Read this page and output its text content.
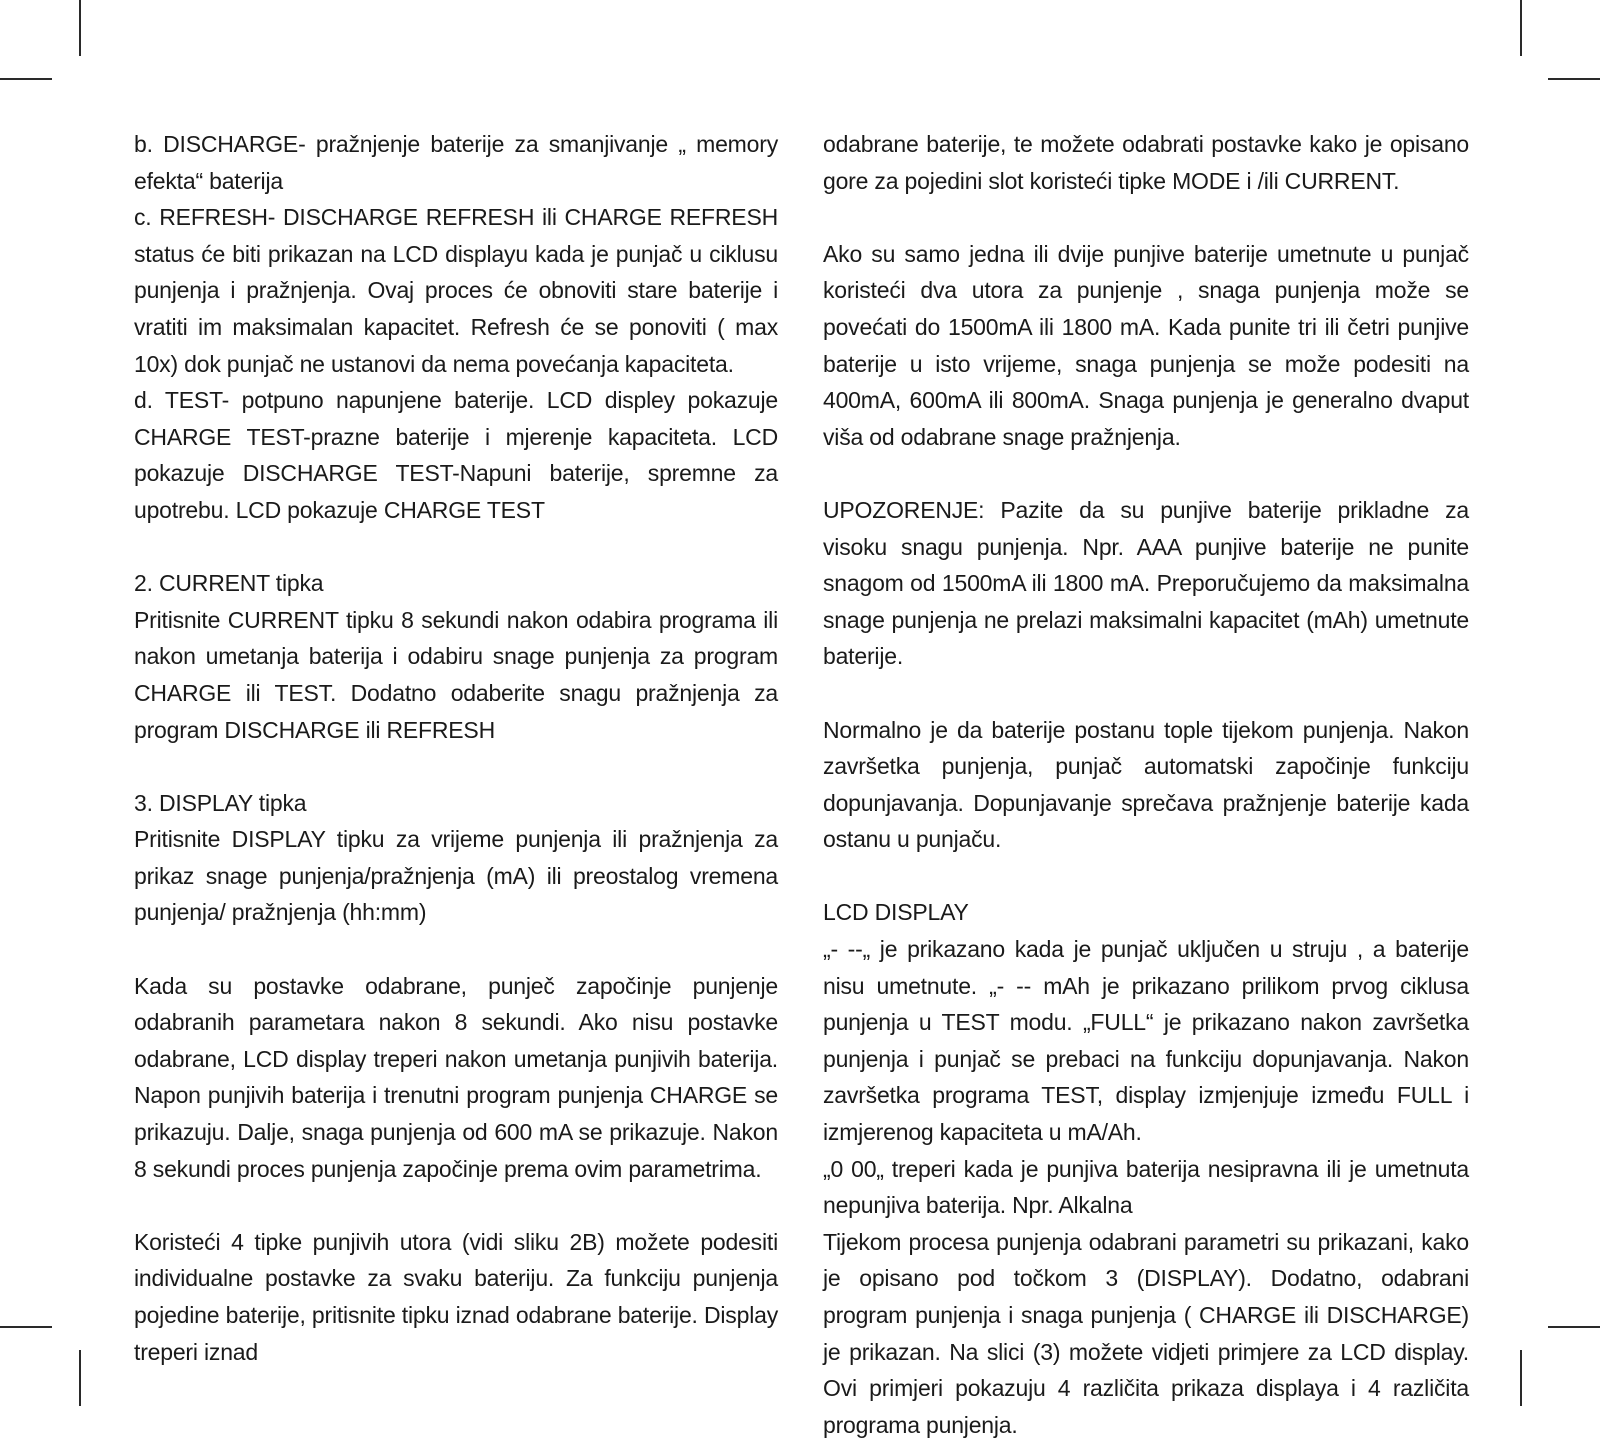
b. DISCHARGE- pražnjenje baterije za smanjivanje „ memory efekta“ baterija

c. REFRESH- DISCHARGE REFRESH ili CHARGE REFRESH status će biti prikazan na LCD displayu kada je punjač u ciklusu punjenja i pražnjenja. Ovaj proces će obnoviti stare baterije i vratiti im maksimalan kapacitet. Refresh će se ponoviti ( max 10x) dok punjač ne ustanovi da nema povećanja kapaciteta.

d. TEST- potpuno napunjene baterije. LCD displey pokazuje CHARGE TEST-prazne baterije i mjerenje kapaciteta. LCD pokazuje DISCHARGE TEST-Napuni baterije, spremne za upotrebu. LCD pokazuje CHARGE TEST

2. CURRENT tipka

Pritisnite CURRENT tipku 8 sekundi nakon odabira programa ili nakon umetanja baterija i odabiru snage punjenja za program CHARGE ili TEST. Dodatno odaberite snagu pražnjenja za program DISCHARGE ili REFRESH

3. DISPLAY tipka

Pritisnite DISPLAY tipku za vrijeme punjenja ili pražnjenja za prikaz snage punjenja/pražnjenja (mA) ili preostalog vremena punjenja/ pražnjenja (hh:mm)

Kada su postavke odabrane, punječ započinje punjenje odabranih parametara nakon 8 sekundi. Ako nisu postavke odabrane, LCD display treperi nakon umetanja punjivih baterija. Napon punjivih baterija i trenutni program punjenja CHARGE se prikazuju. Dalje, snaga punjenja od 600 mA se prikazuje. Nakon 8 sekundi proces punjenja započinje prema ovim parametrima.

Koristeći 4 tipke punjivih utora (vidi sliku 2B) možete podesiti individualne postavke za svaku bateriju. Za funkciju punjenja pojedine baterije, pritisnite tipku iznad odabrane baterije. Display treperi iznad

odabrane baterije, te možete odabrati postavke kako je opisano gore za pojedini slot koristeći tipke MODE i /ili CURRENT.

Ako su samo jedna ili dvije punjive baterije umetnute u punjač koristeći dva utora za punjenje , snaga punjenja može se povećati do 1500mA ili 1800 mA. Kada punite tri ili četri punjive baterije u isto vrijeme, snaga punjenja se može podesiti na 400mA, 600mA ili 800mA. Snaga punjenja je generalno dvaput viša od odabrane snage pražnjenja.

UPOZORENJE: Pazite da su punjive baterije prikladne za visoku snagu punjenja. Npr. AAA punjive baterije ne punite snagom od 1500mA ili 1800 mA. Preporučujemo da maksimalna snage punjenja ne prelazi maksimalni kapacitet (mAh) umetnute baterije.

Normalno je da baterije postanu tople tijekom punjenja. Nakon završetka punjenja, punjač automatski započinje funkciju dopunjavanja. Dopunjavanje sprečava pražnjenje baterije kada ostanu u punjaču.

LCD DISPLAY

„- --„ je prikazano kada je punjač uključen u struju , a baterije nisu umetnute. „- -- mAh je prikazano prilikom prvog ciklusa punjenja u TEST modu. „FULL“ je prikazano nakon završetka punjenja i punjač se prebaci na funkciju dopunjavanja. Nakon završetka programa TEST, display izmjenjuje između FULL i izmjerenog kapaciteta u mA/Ah.

„0 00„ treperi kada je punjiva baterija nesipravna ili je umetnuta nepunjiva baterija. Npr. Alkalna

Tijekom procesa punjenja odabrani parametri su prikazani, kako je opisano pod točkom 3 (DISPLAY). Dodatno, odabrani program punjenja i snaga punjenja ( CHARGE ili DISCHARGE) je prikazan. Na slici (3) možete vidjeti primjere za LCD display. Ovi primjeri pokazuju 4 različita prikaza displaya i 4 različita programa punjenja.
